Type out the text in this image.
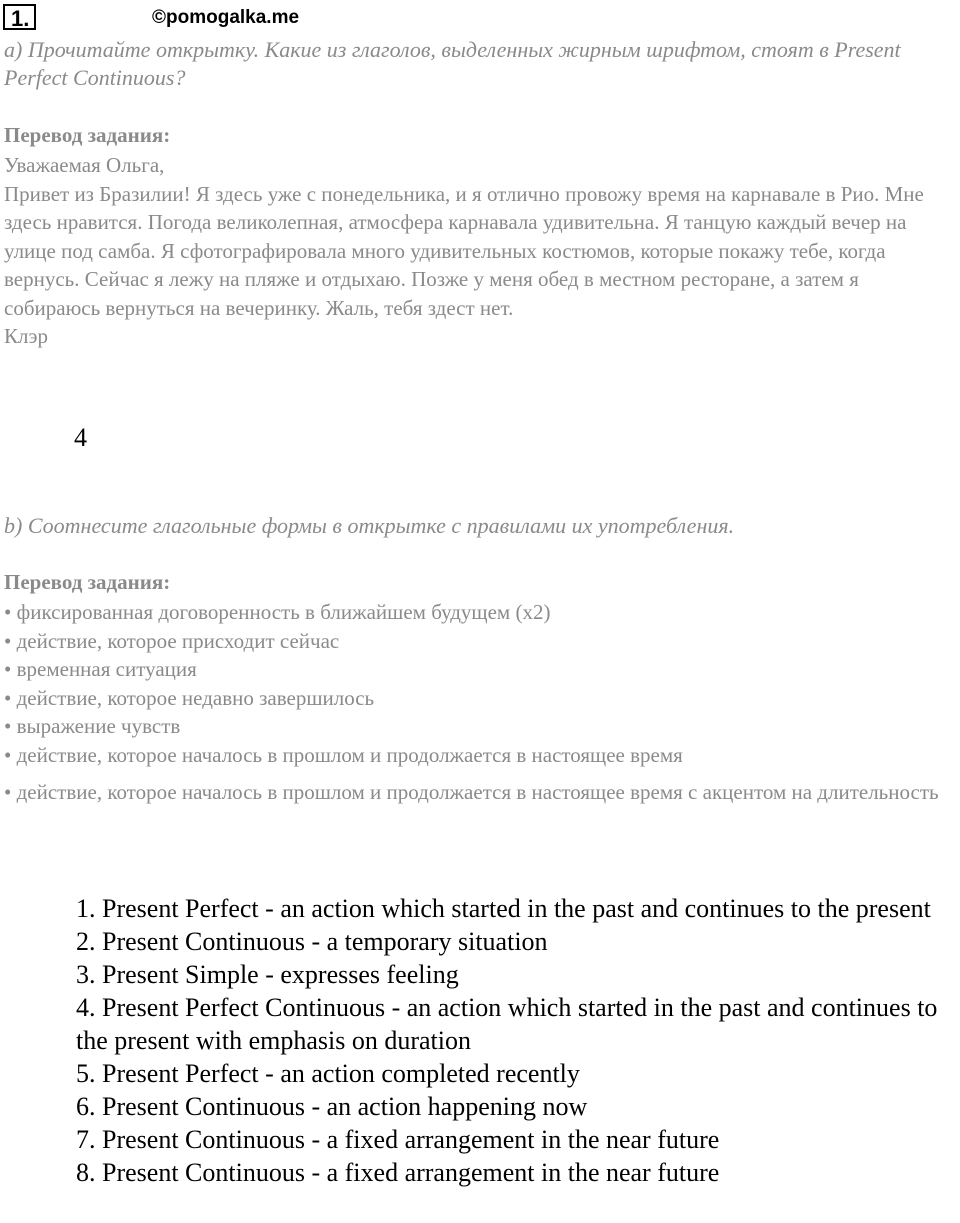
1.	©pomogalka.me
а) Прочитайте открытку. Какие из глаголов, выделенных жирным шрифтом, стоят в Present Perfect Continuous?
Перевод задания:

Уважаемая Ольга,

Привет из Бразилии! Я здесь уже с понедельника, и я отлично провожу время на карнавале в Рио. Мне здесь нравится. Погода великолепная, атмосфера карнавала удивительна. Я танцую каждый вечер на улице под самба. Я сфотографировала много удивительных костюмов, которые покажу тебе, когда вернусь. Сейчас я лежу на пляже и отдыхаю. Позже у меня обед в местном ресторане, а затем я собираюсь вернуться на вечеринку. Жаль, тебя здест нет.

Клэр

4
b) Соотнесите глагольные формы в открытке с правилами их употребления.
Перевод задания:
• фиксированная договоренность в ближайшем будущем (x2)
• действие, которое присходит сейчас
• временная ситуация
• действие, которое недавно завершилось
• выражение чувств
• действие, которое началось в прошлом и продолжается в настоящее время
• действие, которое началось в прошлом и продолжается в настоящее время с акцентом на длительность
1. Present Perfect - an action which started in the past and continues to the present
2. Present Continuous - a temporary situation
3. Present Simple - expresses feeling
4. Present Perfect Continuous - an action which started in the past and continues to the present with emphasis on duration
5. Present Perfect - an action completed recently
6. Present Continuous - an action happening now
7. Present Continuous - a fixed arrangement in the near future
8. Present Continuous - a fixed arrangement in the near future
